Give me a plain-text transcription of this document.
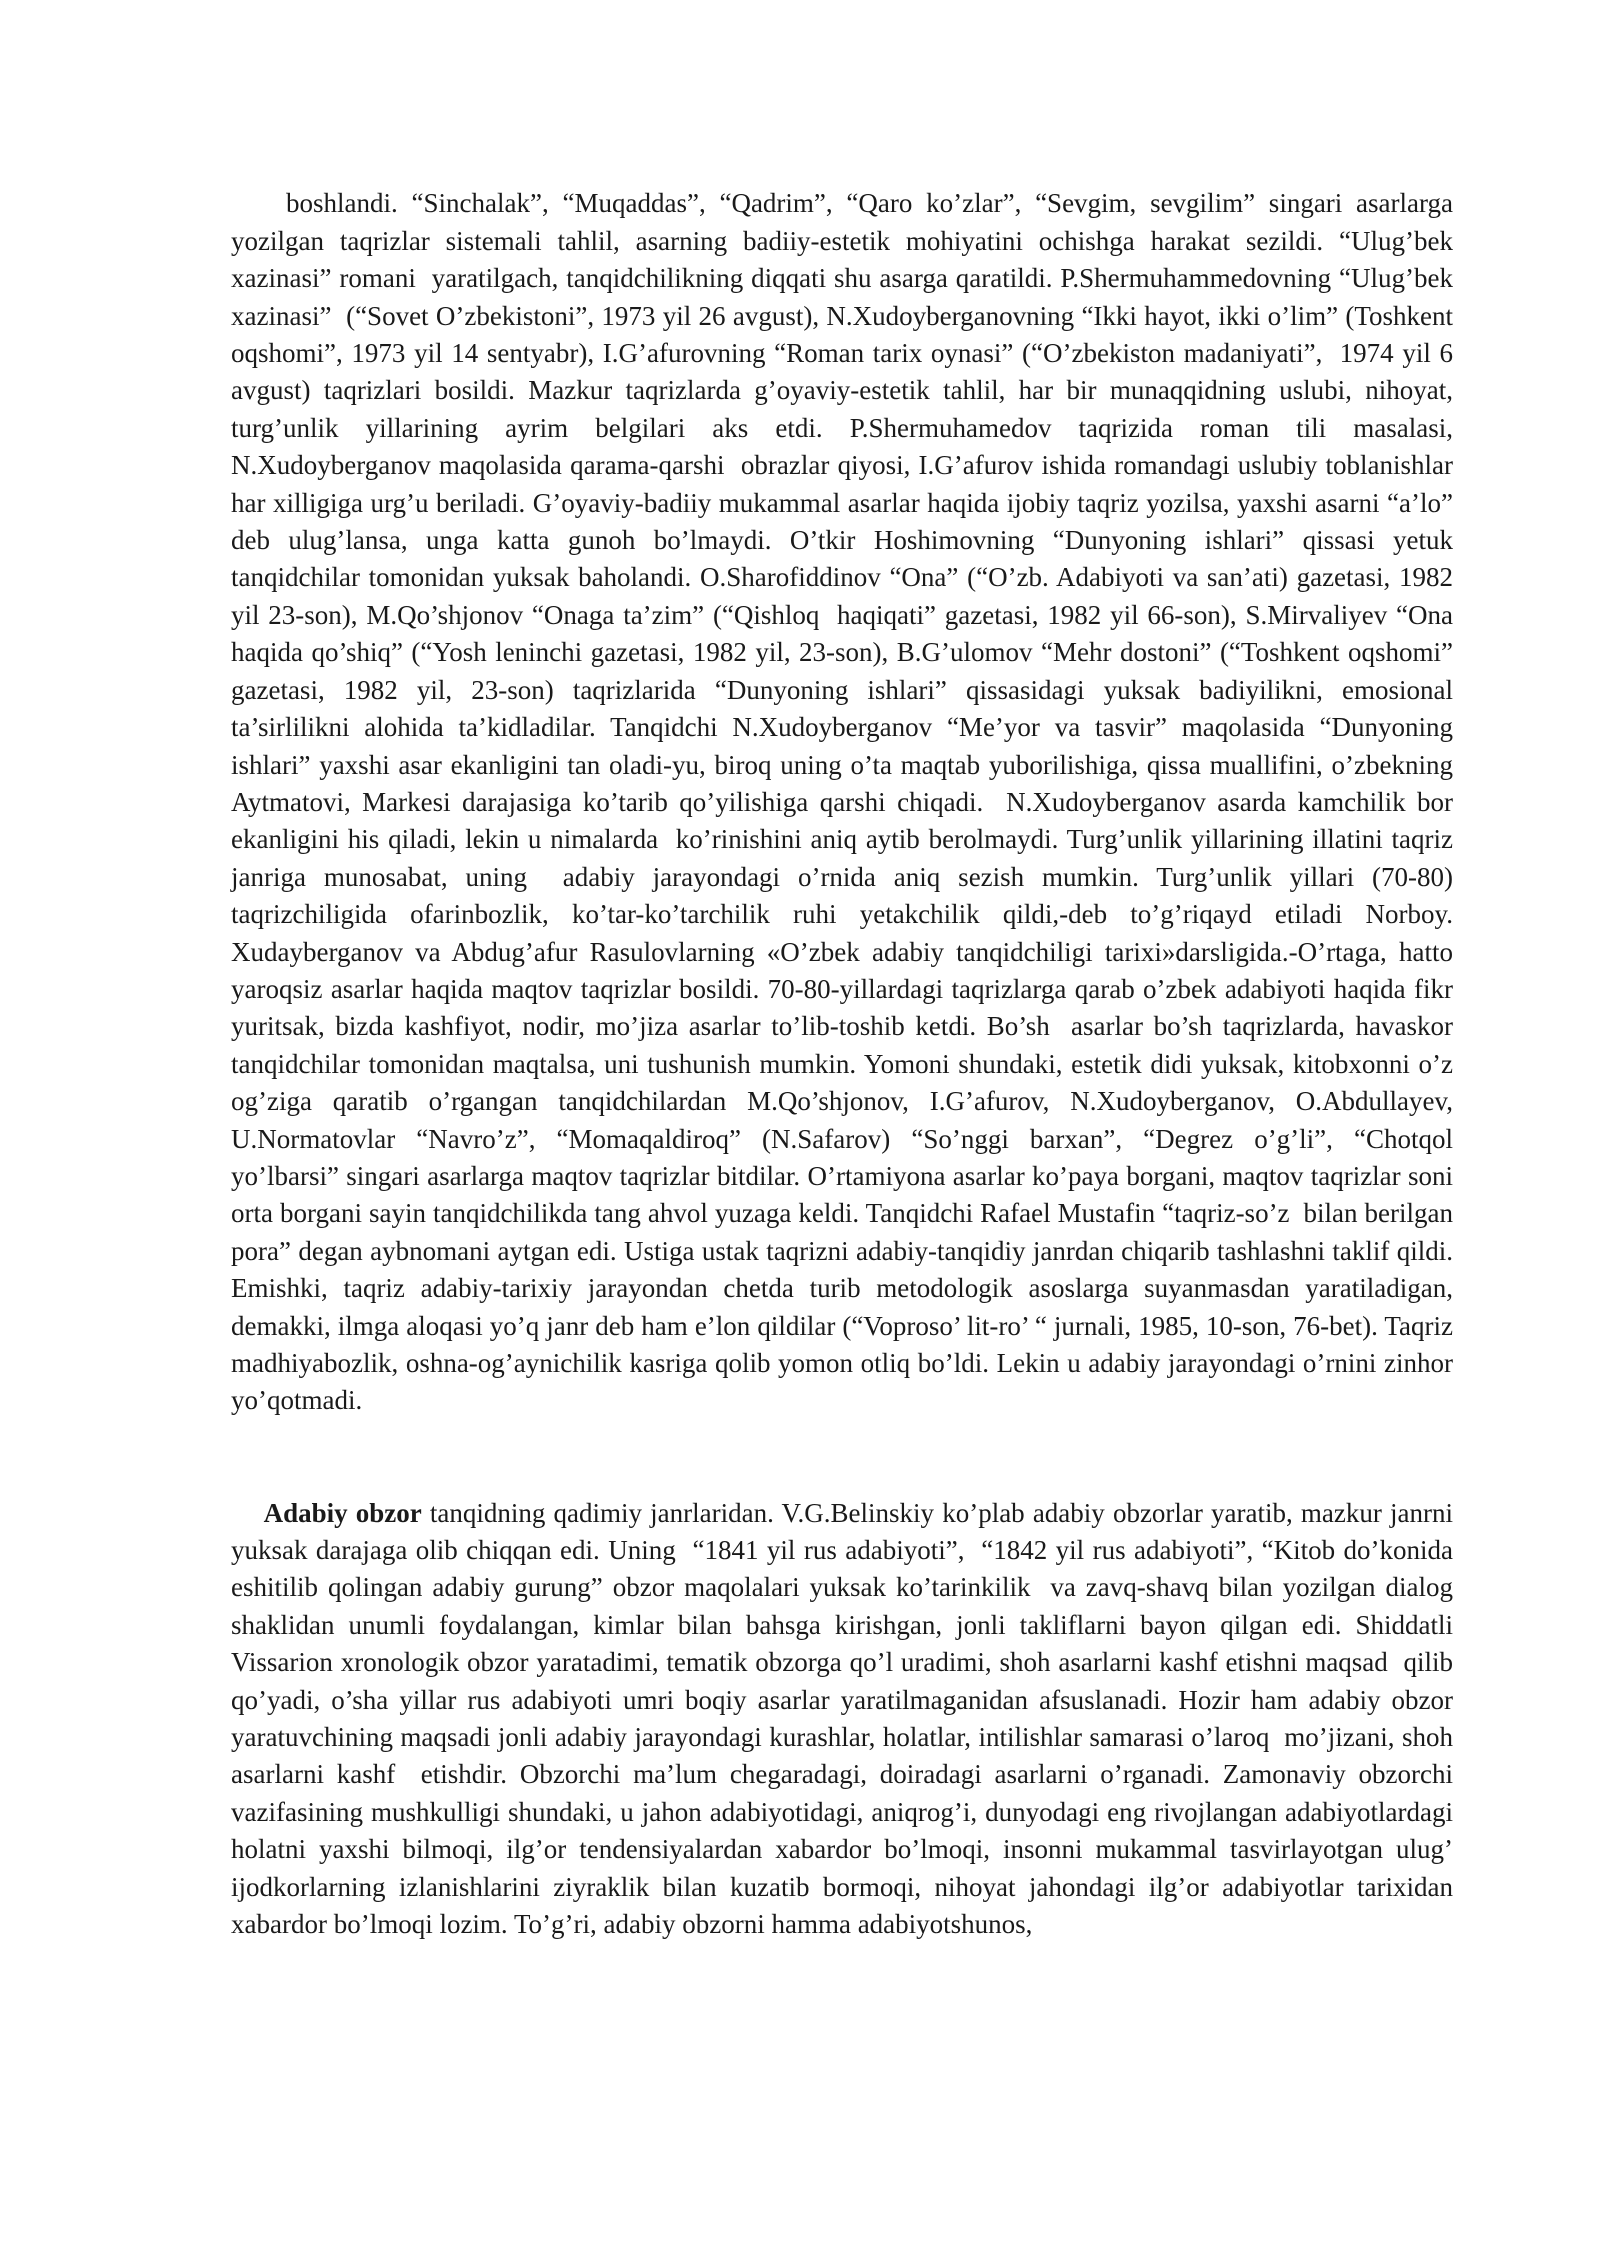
boshlandi. “Sinchalak”, “Muqaddas”, “Qadrim”, “Qaro ko’zlar”, “Sevgim, sevgilim” singari asarlarga yozilgan taqrizlar sistemali tahlil, asarning badiiy-estetik mohiyatini ochishga harakat sezildi. “Ulug’bek xazinasi” romani  yaratilgach, tanqidchilikning diqqati shu asarga qaratildi. P.Shermuhammedovning “Ulug’bek xazinasi”  (“Sovet O’zbekistoni”, 1973 yil 26 avgust), N.Xudoyberganovning “Ikki hayot, ikki o’lim” (Toshkent oqshomi”, 1973 yil 14 sentyabr), I.G’afurovning “Roman tarix oynasi” (“O’zbekiston madaniyati”,  1974 yil 6 avgust) taqrizlari bosildi. Mazkur taqrizlarda g’oyaviy-estetik tahlil, har bir munaqqidning uslubi, nihoyat, turg’unlik yillarining ayrim belgilari aks etdi. P.Shermuhamedov taqrizida roman tili masalasi, N.Xudoyberganov maqolasida qarama-qarshi  obrazlar qiyosi, I.G’afurov ishida romandagi uslubiy toblanishlar har xilligiga urg’u beriladi. G’oyaviy-badiiy mukammal asarlar haqida ijobiy taqriz yozilsa, yaxshi asarni “a’lo”  deb ulug’lansa, unga katta gunoh bo’lmaydi. O’tkir Hoshimovning “Dunyoning ishlari” qissasi yetuk tanqidchilar tomonidan yuksak baholandi. O.Sharofiddinov “Ona” (“O’zb. Adabiyoti va san’ati) gazetasi, 1982 yil 23-son), M.Qo’shjonov “Onaga ta’zim” (“Qishloq  haqiqati” gazetasi, 1982 yil 66-son), S.Mirvaliyev “Ona haqida qo’shiq” (“Yosh leninchi gazetasi, 1982 yil, 23-son), B.G’ulomov “Mehr dostoni” (“Toshkent oqshomi” gazetasi, 1982 yil, 23-son) taqrizlarida “Dunyoning ishlari” qissasidagi yuksak badiyilikni, emosional ta’sirlilikni alohida ta’kidladilar. Tanqidchi N.Xudoyberganov “Me’yor va tasvir” maqolasida “Dunyoning ishlari” yaxshi asar ekanligini tan oladi-yu, biroq uning o’ta maqtab yuborilishiga, qissa muallifini, o’zbekning  Aytmatovi, Markesi darajasiga ko’tarib qo’yilishiga qarshi chiqadi.  N.Xudoyberganov asarda kamchilik bor ekanligini his qiladi, lekin u nimalarda  ko’rinishini aniq aytib berolmaydi. Turg’unlik yillarining illatini taqriz janriga munosabat, uning  adabiy jarayondagi o’rnida aniq sezish mumkin. Turg’unlik yillari (70-80) taqrizchiligida ofarinbozlik, ko’tar-ko’tarchilik ruhi yetakchilik qildi,-deb to’g’riqayd etiladi Norboy. Xudayberganov va Abdug’afur Rasulovlarning «O’zbek adabiy tanqidchiligi tarixi»darsligida.-O’rtaga, hatto yaroqsiz asarlar haqida maqtov taqrizlar bosildi. 70-80-yillardagi taqrizlarga qarab o’zbek adabiyoti haqida fikr yuritsak, bizda kashfiyot, nodir, mo’jiza asarlar to’lib-toshib ketdi. Bo’sh  asarlar bo’sh taqrizlarda, havaskor tanqidchilar tomonidan maqtalsa, uni tushunish mumkin. Yomoni shundaki, estetik didi yuksak, kitobxonni o’z og’ziga qaratib o’rgangan tanqidchilardan M.Qo’shjonov, I.G’afurov, N.Xudoyberganov, O.Abdullayev, U.Normatovlar “Navro’z”, “Momaqaldiroq” (N.Safarov) “So’nggi barxan”, “Degrez o’g’li”, “Chotqol yo’lbarsi” singari asarlarga maqtov taqrizlar bitdilar. O’rtamiyona asarlar ko’paya borgani, maqtov taqrizlar soni orta borgani sayin tanqidchilikda tang ahvol yuzaga keldi. Tanqidchi Rafael Mustafin “taqriz-so’z  bilan berilgan pora” degan aybnomani aytgan edi. Ustiga ustak taqrizni adabiy-tanqidiy janrdan chiqarib tashlashni taklif qildi. Emishki, taqriz adabiy-tarixiy jarayondan chetda turib metodologik asoslarga suyanmasdan yaratiladigan, demakki, ilmga aloqasi yo’q janr deb ham e’lon qildilar (“Voprosо’ lit-ro’ “ jurnali, 1985, 10-son, 76-bet). Taqriz madhiyabozlik, oshna-og’aynichilik kasriga qolib yomon otliq bo’ldi. Lekin u adabiy jarayondagi o’rnini zinhor  yo’qotmadi.

Adabiy obzor tanqidning qadimiy janrlaridan. V.G.Belinskiy ko’plab adabiy obzorlar yaratib, mazkur janrni yuksak darajaga olib chiqqan edi. Uning  “1841 yil rus adabiyoti”,  “1842 yil rus adabiyoti”, “Kitob do’konida eshitilib qolingan adabiy gurung” obzor maqolalari yuksak ko’tarinkilik  va zavq-shavq bilan yozilgan dialog shaklidan unumli foydalangan, kimlar bilan bahsga kirishgan, jonli takliflarni bayon qilgan edi. Shiddatli Vissarion xronologik obzor yaratadimi, tematik obzorga qo’l uradimi, shoh asarlarni kashf etishni maqsad  qilib qo’yadi, o’sha yillar rus adabiyoti umri boqiy asarlar yaratilmaganidan afsuslanadi. Hozir ham adabiy obzor yaratuvchining maqsadi jonli adabiy jarayondagi kurashlar, holatlar, intilishlar samarasi o’laroq  mo’jizani, shoh asarlarni kashf  etishdir. Obzorchi ma’lum chegaradagi, doiradagi asarlarni o’rganadi. Zamonaviy obzorchi vazifasining mushkulligi shundaki, u jahon adabiyotidagi, aniqrog’i, dunyodagi eng rivojlangan adabiyotlardagi holatni yaxshi bilmoqi, ilg’or tendensiyalardan xabardor bo’lmoqi, insonni mukammal tasvirlayotgan ulug’ ijodkorlarning izlanishlarini ziyraklik bilan kuzatib bormoqi, nihoyat jahondagi ilg’or adabiyotlar tarixidan xabardor bo’lmoqi lozim. To’g’ri, adabiy obzorni hamma adabiyotshunos,
